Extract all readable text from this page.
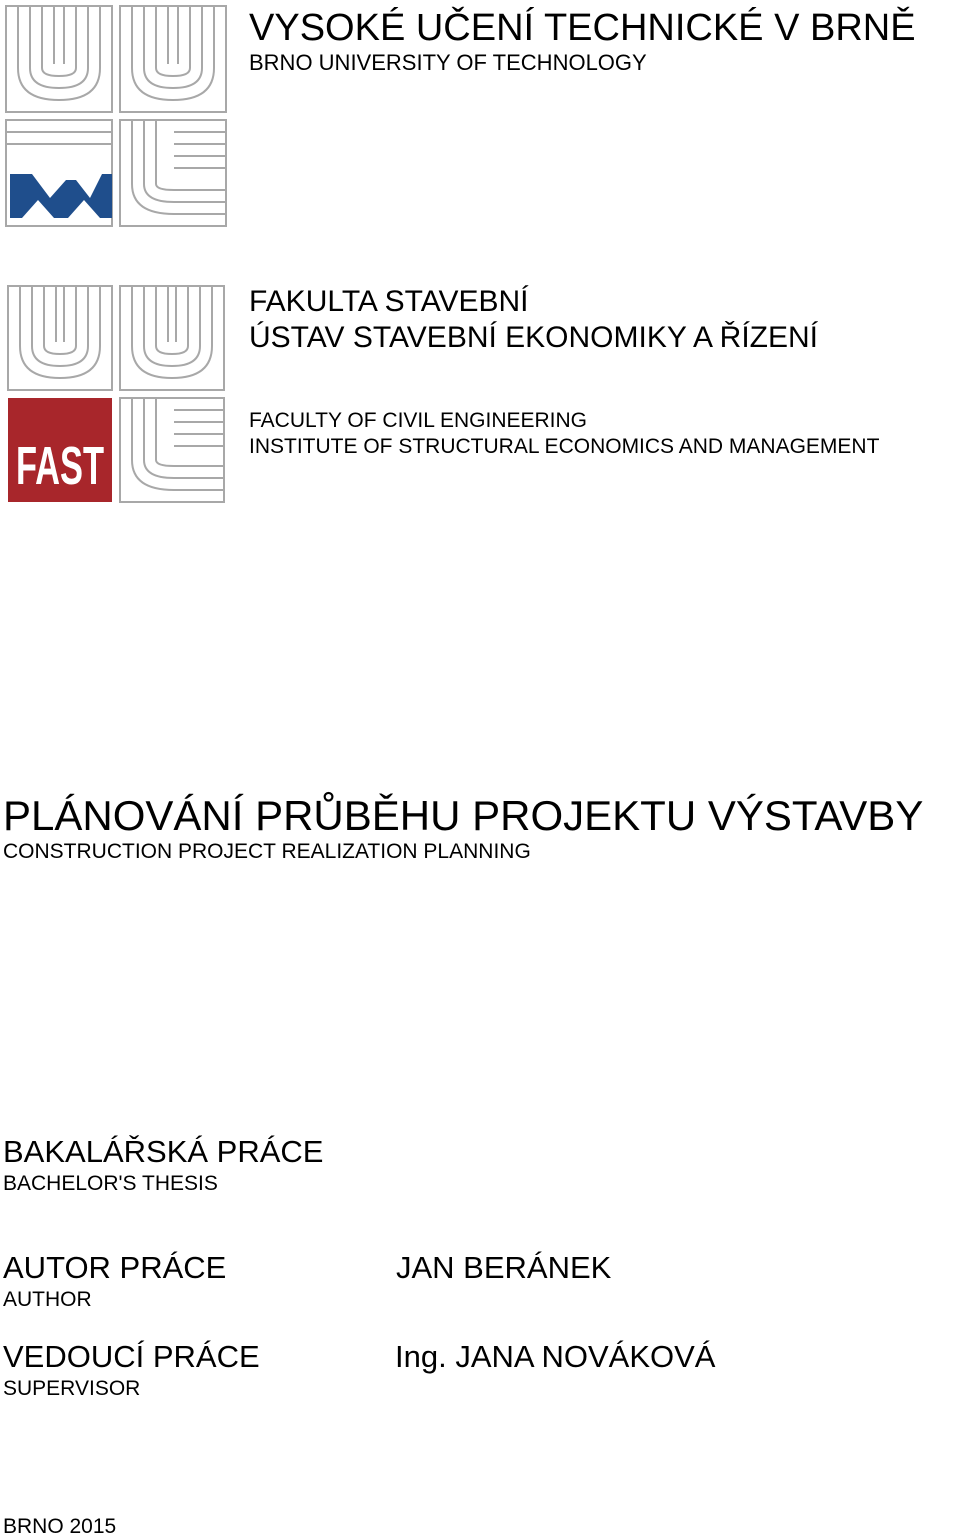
FAST
VYSOKÉ UČENÍ TECHNICKÉ V BRNĚ
BRNO UNIVERSITY OF TECHNOLOGY
FAKULTA STAVEBNÍ
ÚSTAV STAVEBNÍ EKONOMIKY A ŘÍZENÍ
FACULTY OF CIVIL ENGINEERING
INSTITUTE OF STRUCTURAL ECONOMICS AND MANAGEMENT
PLÁNOVÁNÍ PRŮBĚHU PROJEKTU VÝSTAVBY
CONSTRUCTION PROJECT REALIZATION PLANNING
BAKALÁŘSKÁ PRÁCE
BACHELOR'S THESIS
AUTOR PRÁCE
AUTHOR
JAN BERÁNEK
VEDOUCÍ PRÁCE
SUPERVISOR
Ing. JANA NOVÁKOVÁ
BRNO 2015
